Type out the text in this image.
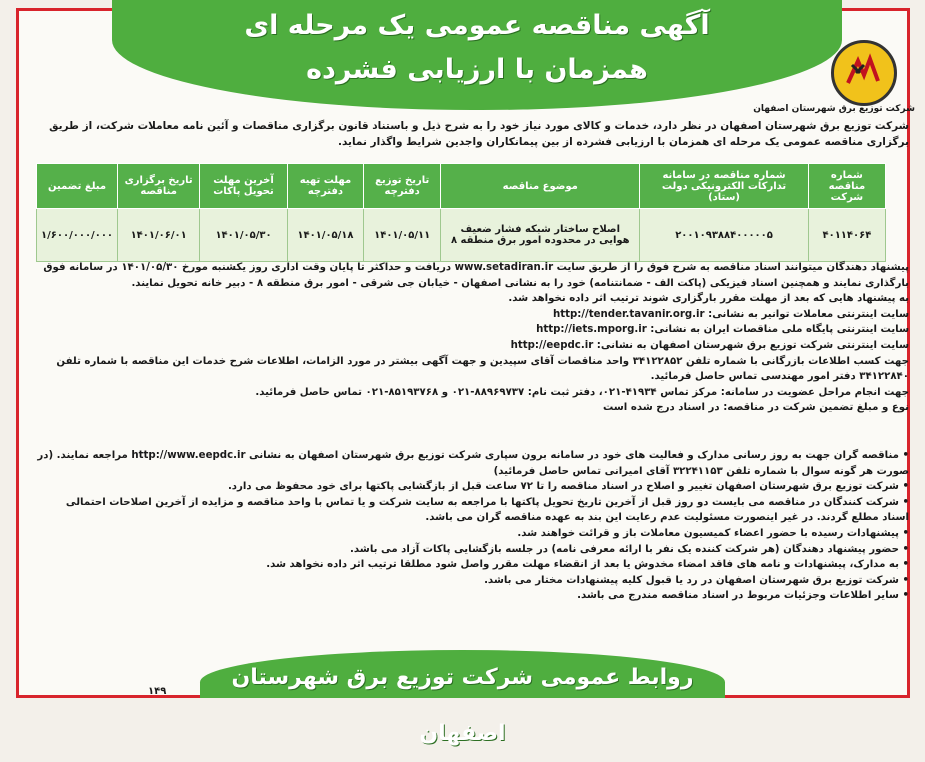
آگهی مناقصه عمومی یک مرحله ای
همزمان با ارزیابی فشرده
شرکت توزیع برق شهرستان اصفهان
شرکت توزیع برق شهرستان اصفهان در نظر دارد، خدمات و کالای مورد نیاز خود را به شرح ذیل و باستناد قانون برگزاری مناقصات و آئین نامه معاملات شرکت، از طریق برگزاری مناقصه عمومی یک مرحله ای همزمان با ارزیابی فشرده از بین پیمانکاران واجدین شرایط واگذار نماید.
شماره مناقصه شرکت	شماره مناقصه در سامانه تدارکات الکترونیکی دولت (ستاد)	موضوع مناقصه	تاریخ توزیع دفترچه	مهلت تهیه دفترچه	آخرین مهلت تحویل پاکات	تاریخ برگزاری مناقصه	مبلغ تضمین
۴۰۱۱۴۰۶۴	۲۰۰۱۰۹۳۸۸۴۰۰۰۰۰۵	اصلاح ساختار شبکه فشار ضعیف هوایی در محدوده امور برق منطقه ۸	۱۴۰۱/۰۵/۱۱	۱۴۰۱/۰۵/۱۸	۱۴۰۱/۰۵/۳۰	۱۴۰۱/۰۶/۰۱	۱/۶۰۰/۰۰۰/۰۰۰

پیشنهاد دهندگان میتوانند اسناد مناقصه به شرح فوق را از طریق سایت www.setadiran.ir دریافت و حداکثر تا پایان وقت اداری روز یکشنبه مورخ ۱۴۰۱/۰۵/۳۰ در سامانه فوق بارگذاری نمایند و همچنین اسناد فیزیکی (پاکت الف - ضمانتنامه) خود را به نشانی اصفهان - خیابان جی شرقی - امور برق منطقه ۸ - دبیر خانه تحویل نمایند.

به پیشنهاد هایی که بعد از مهلت مقرر بارگزاری شوند ترتیب اثر داده نخواهد شد.

سایت اینترنتی معاملات توانیر به نشانی: http://tender.tavanir.org.ir

سایت اینترنتی پایگاه ملی مناقصات ایران به نشانی: http://iets.mporg.ir

سایت اینترنتی شرکت توزیع برق شهرستان اصفهان به نشانی: http://eepdc.ir

جهت کسب اطلاعات بازرگانی با شماره تلفن ۳۴۱۲۲۸۵۲ واحد مناقصات آقای سپیدین و جهت آگهی بیشتر در مورد الزامات، اطلاعات شرح خدمات این مناقصه با شماره تلفن ۳۴۱۲۲۸۴۰ دفتر امور مهندسی تماس حاصل فرمائید.

جهت انجام مراحل عضویت در سامانه: مرکز تماس ۴۱۹۳۴-۰۲۱، دفتر ثبت نام: ۸۸۹۶۹۷۳۷-۰۲۱ و ۸۵۱۹۳۷۶۸-۰۲۱ تماس حاصل فرمائید.

نوع و مبلغ تضمین شرکت در مناقصه: در اسناد درج شده است

• مناقصه گران جهت به روز رسانی مدارک و فعالیت های خود در سامانه برون سپاری شرکت توزیع برق شهرستان اصفهان به نشانی http://www.eepdc.ir مراجعه نمایند. (در صورت هر گونه سوال با شماره تلفن ۳۲۲۴۱۱۵۳ آقای امیرانی تماس حاصل فرمائید)
• شرکت توزیع برق شهرستان اصفهان تغییر و اصلاح در اسناد مناقصه را تا ۷۲ ساعت قبل از بازگشایی پاکتها برای خود محفوظ می دارد.
• شرکت کنندگان در مناقصه می بایست دو روز قبل از آخرین تاریخ تحویل پاکتها با مراجعه به سایت شرکت و یا تماس با واحد مناقصه و مزایده از آخرین اصلاحات احتمالی اسناد مطلع گردند. در غیر اینصورت مسئولیت عدم رعایت این بند به عهده مناقصه گران می باشد.
• پیشنهادات رسیده با حضور اعضاء کمیسیون معاملات باز و قرائت خواهند شد.
• حضور پیشنهاد دهندگان (هر شرکت کننده یک نفر با ارائه معرفی نامه) در جلسه بازگشایی پاکات آزاد می باشد.
• به مدارک، پیشنهادات و نامه های فاقد امضاء مخدوش یا بعد از انقضاء مهلت مقرر واصل شود مطلقا ترتیب اثر داده نخواهد شد.
• شرکت توزیع برق شهرستان اصفهان در رد یا قبول کلیه پیشنهادات مختار می باشد.
• سایر اطلاعات وجزئیات مربوط در اسناد مناقصه مندرج می باشد.
روابط عمومی شرکت توزیع برق شهرستان اصفهان
۱۴۹
